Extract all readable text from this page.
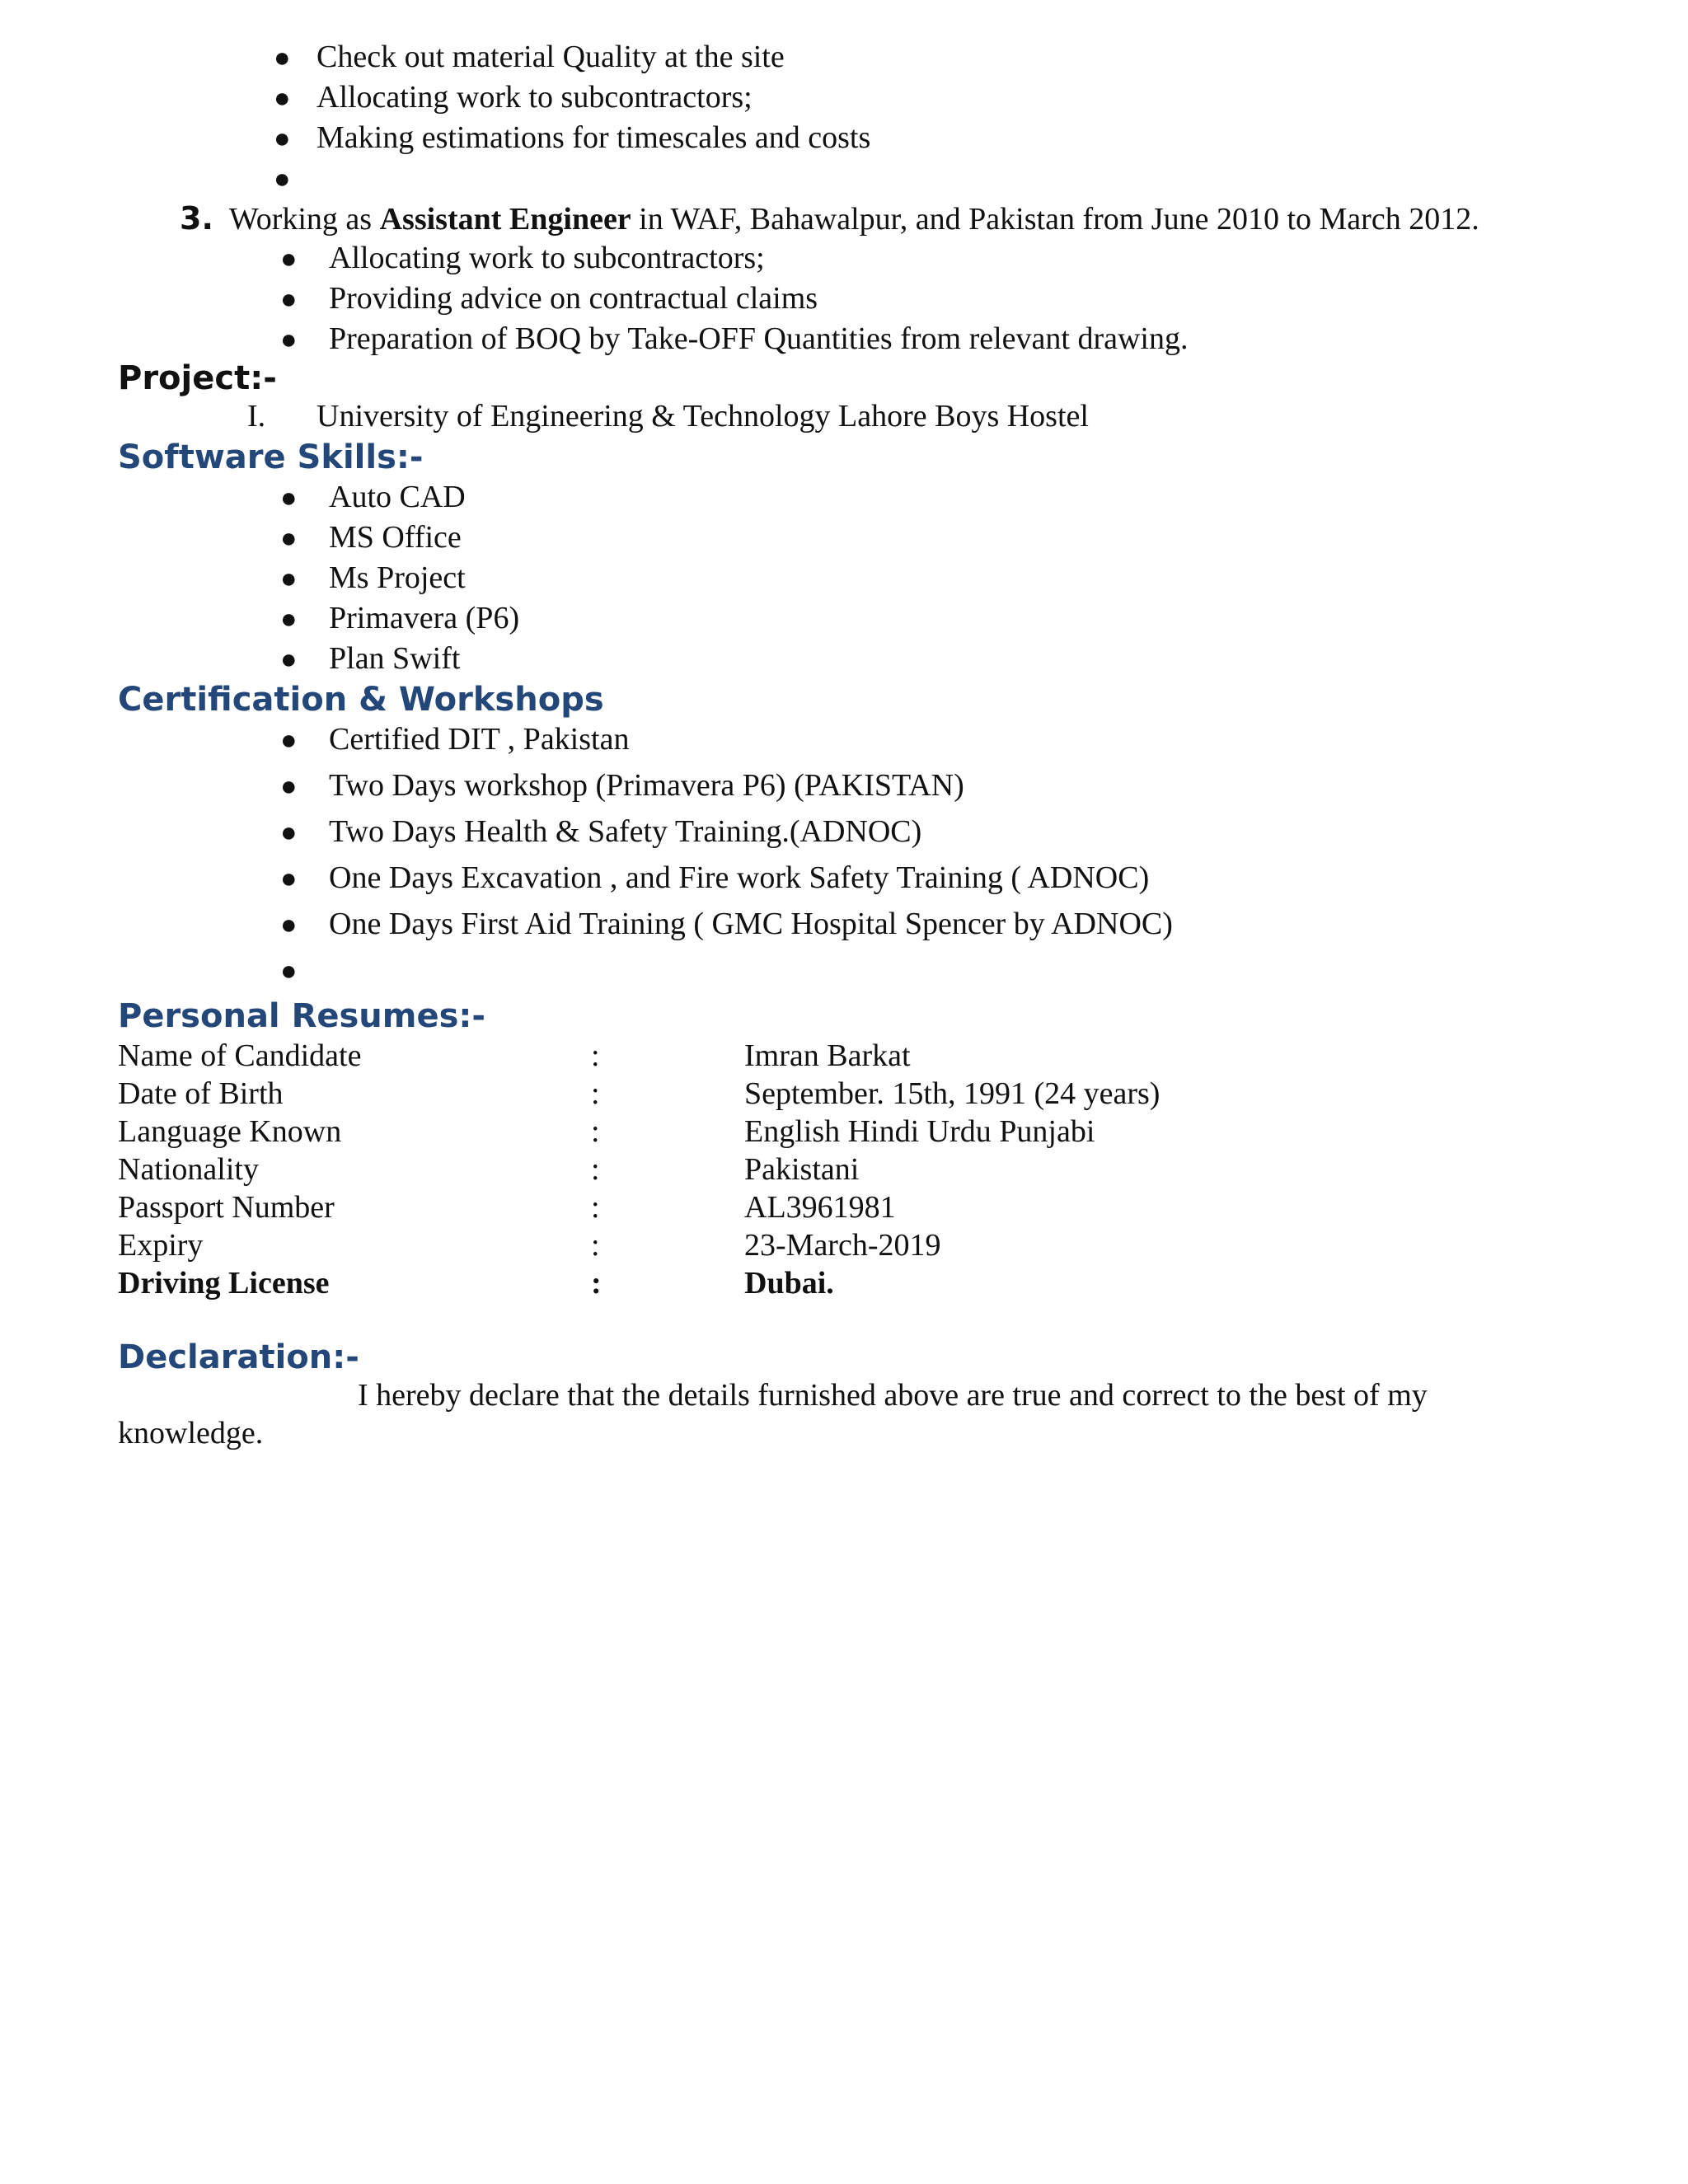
● Check out material Quality at the site
● Allocating work to subcontractors;
● Making estimations for timescales and costs
●
3. Working as Assistant Engineer in WAF, Bahawalpur, and Pakistan from June 2010 to March 2012.
● Allocating work to subcontractors;
● Providing advice on contractual claims
● Preparation of BOQ by Take-OFF Quantities from relevant drawing.
Project:-
I. University of Engineering & Technology Lahore Boys Hostel
Software Skills:-
● Auto CAD
● MS Office
● Ms Project
● Primavera (P6)
● Plan Swift
Certification & Workshops
● Certified DIT , Pakistan
● Two Days workshop (Primavera P6) (PAKISTAN)
● Two Days Health & Safety Training.(ADNOC)
● One Days Excavation , and Fire work Safety Training ( ADNOC)
● One Days First Aid Training ( GMC Hospital Spencer by ADNOC)
●
Personal Resumes:-
Name of Candidate	:	Imran Barkat
Date of Birth	:	September. 15th, 1991 (24 years)
Language Known	:	English Hindi Urdu Punjabi
Nationality	:	Pakistani
Passport Number	:	AL3961981
Expiry	:	23-March-2019
Driving License	:	Dubai.
Declaration:-
I hereby declare that the details furnished above are true and correct to the best of my
knowledge.
